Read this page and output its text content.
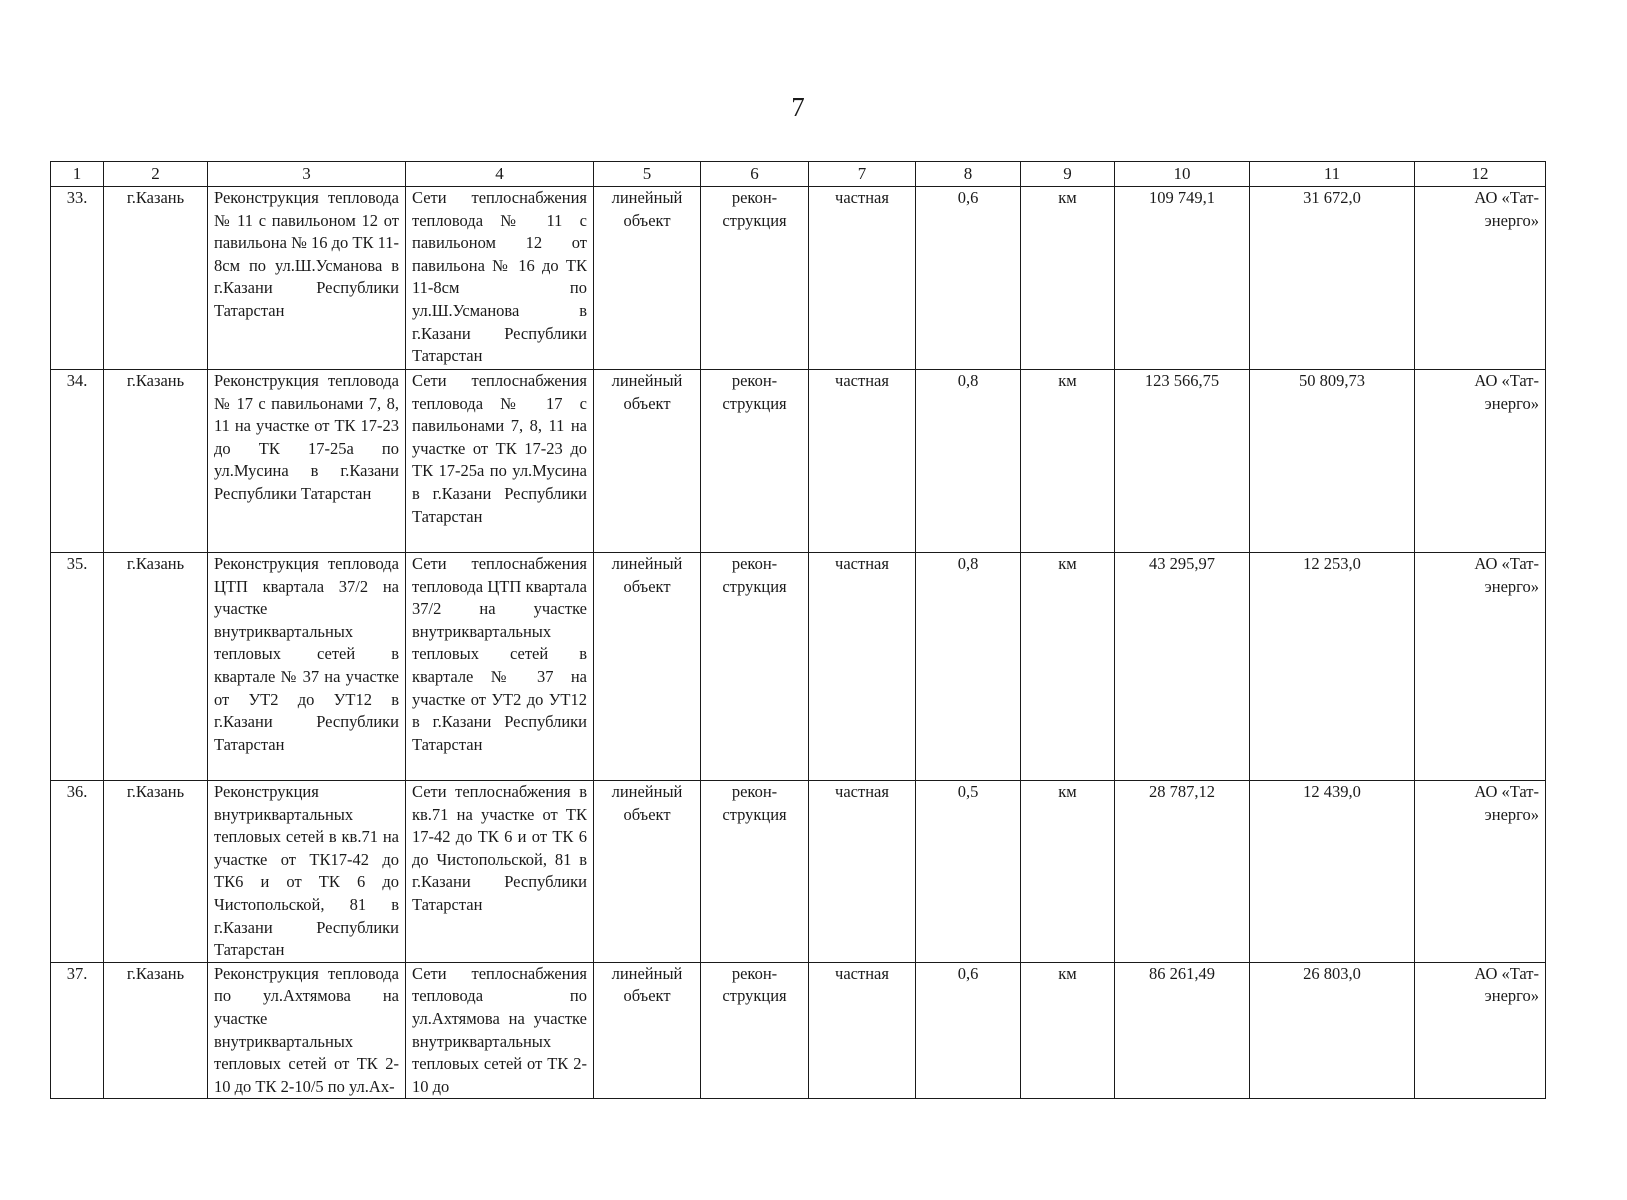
7
1	2	3	4	5	6	7	8	9	10	11	12
33.	г.Казань	Реконструкция тепловода № 11 с павильоном 12 от павильона № 16 до ТК 11-8см по ул.Ш.Усманова в г.Казани Республики Татарстан	Сети теплоснабжения тепловода № 11 с павильоном 12 от павильона № 16 до ТК 11-8см по ул.Ш.Усманова в г.Казани Республики Татарстан	линейный объект	рекон-струкция	частная	0,6	км	109 749,1	31 672,0	АО «Тат-энерго»
34.	г.Казань	Реконструкция тепловода № 17 с павильонами 7, 8, 11 на участке от ТК 17-23 до ТК 17-25а по ул.Мусина в г.Казани Республики Татарстан	Сети теплоснабжения тепловода № 17 с павильонами 7, 8, 11 на участке от ТК 17-23 до ТК 17-25а по ул.Мусина в г.Казани Республики Татарстан	линейный объект	рекон-струкция	частная	0,8	км	123 566,75	50 809,73	АО «Тат-энерго»
35.	г.Казань	Реконструкция тепловода ЦТП квартала 37/2 на участке внутриквартальных тепловых сетей в квартале № 37 на участке от УТ2 до УТ12 в г.Казани Республики Татарстан	Сети теплоснабжения тепловода ЦТП квартала 37/2 на участке внутриквартальных тепловых сетей в квартале № 37 на участке от УТ2 до УТ12 в г.Казани Республики Татарстан	линейный объект	рекон-струкция	частная	0,8	км	43 295,97	12 253,0	АО «Тат-энерго»
36.	г.Казань	Реконструкция внутриквартальных тепловых сетей в кв.71 на участке от ТК17-42 до ТК6 и от ТК 6 до Чистопольской, 81 в г.Казани Республики Татарстан	Сети теплоснабжения в кв.71 на участке от ТК 17-42 до ТК 6 и от ТК 6 до Чистопольской, 81 в г.Казани Республики Татарстан	линейный объект	рекон-струкция	частная	0,5	км	28 787,12	12 439,0	АО «Тат-энерго»
37.	г.Казань	Реконструкция тепловода по ул.Ахтямова на участке внутриквартальных тепловых сетей от ТК 2-10 до ТК 2-10/5 по ул.Ах-	Сети теплоснабжения тепловода по ул.Ахтямова на участке внутриквартальных тепловых сетей от ТК 2-10 до	линейный объект	рекон-струкция	частная	0,6	км	86 261,49	26 803,0	АО «Тат-энерго»
